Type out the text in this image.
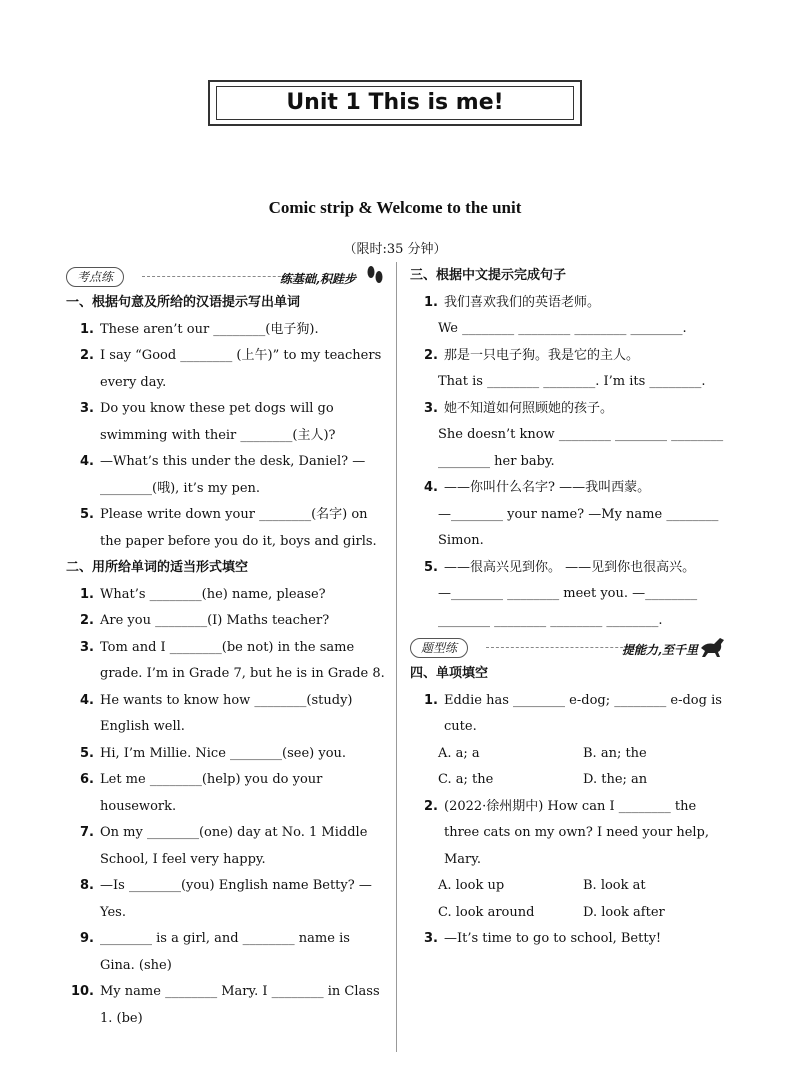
Unit 1 This is me!
Comic strip & Welcome to the unit
（限时:35 分钟）
考点练	练基础,积跬步
一、根据句意及所给的汉语提示写出单词
1. These aren’t our ________(电子狗).
2. I say “Good ________ (上午)” to my teachers every day.
3. Do you know these pet dogs will go swimming with their ________(主人)?
4. —What’s this under the desk, Daniel? —________(哦), it’s my pen.
5. Please write down your ________(名字) on the paper before you do it, boys and girls.
二、用所给单词的适当形式填空
1. What’s ________(he) name, please?
2. Are you ________(I) Maths teacher?
3. Tom and I ________(be not) in the same grade. I’m in Grade 7, but he is in Grade 8.
4. He wants to know how ________(study) English well.
5. Hi, I’m Millie. Nice ________(see) you.
6. Let me ________(help) you do your housework.
7. On my ________(one) day at No. 1 Middle School, I feel very happy.
8. —Is ________(you) English name Betty? —Yes.
9. ________ is a girl, and ________ name is Gina. (she)
10. My name ________ Mary. I ________ in Class 1. (be)
三、根据中文提示完成句子
1. 我们喜欢我们的英语老师。
We ________ ________ ________ ________.
2. 那是一只电子狗。我是它的主人。
That is ________ ________. I’m its ________.
3. 她不知道如何照顾她的孩子。
She doesn’t know ________ ________ ________ ________ her baby.
4. ——你叫什么名字? ——我叫西蒙。
—________ your name? —My name ________ Simon.
5. ——很高兴见到你。 ——见到你也很高兴。
—________ ________ meet you. —________ ________ ________ ________ ________.
题型练	提能力,至千里
四、单项填空
1. Eddie has ________ e-dog; ________ e-dog is cute.
A. a; a	B. an; the
C. a; the	D. the; an
2. (2022·徐州期中) How can I ________ the three cats on my own? I need your help, Mary.
A. look up	B. look at
C. look around	D. look after
3. —It’s time to go to school, Betty!
